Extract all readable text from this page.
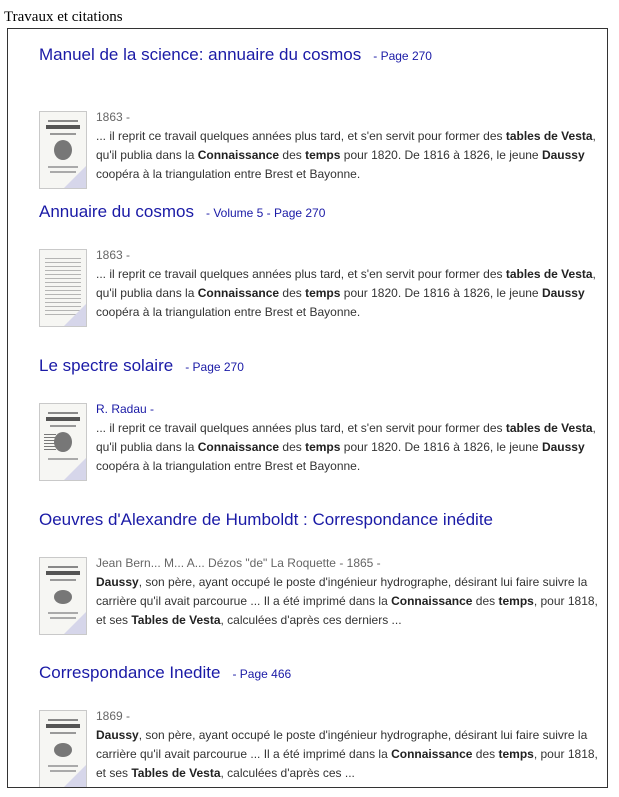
Travaux et citations
Manuel de la science: annuaire du cosmos - Page 270
1863 -
... il reprit ce travail quelques années plus tard, et s'en servit pour former des tables de Vesta, qu'il publia dans la Connaissance des temps pour 1820. De 1816 à 1826, le jeune Daussy coopéra à la triangulation entre Brest et Bayonne.
Annuaire du cosmos - Volume 5 - Page 270
1863 -
... il reprit ce travail quelques années plus tard, et s'en servit pour former des tables de Vesta, qu'il publia dans la Connaissance des temps pour 1820. De 1816 à 1826, le jeune Daussy coopéra à la triangulation entre Brest et Bayonne.
Le spectre solaire - Page 270
R. Radau -
... il reprit ce travail quelques années plus tard, et s'en servit pour former des tables de Vesta, qu'il publia dans la Connaissance des temps pour 1820. De 1816 à 1826, le jeune Daussy coopéra à la triangulation entre Brest et Bayonne.
Oeuvres d'Alexandre de Humboldt : Correspondance inédite
Jean Bern... M... A... Dézos "de" La Roquette - 1865 -
Daussy, son père, ayant occupé le poste d'ingénieur hydrographe, désirant lui faire suivre la carrière qu'il avait parcourue ... Il a été imprimé dans la Connaissance des temps, pour 1818, et ses Tables de Vesta, calculées d'après ces derniers ...
Correspondance Inedite - Page 466
1869 -
Daussy, son père, ayant occupé le poste d'ingénieur hydrographe, désirant lui faire suivre la carrière qu'il avait parcourue ... Il a été imprimé dans la Connaissance des temps, pour 1818, et ses Tables de Vesta, calculées d'après ces ...
